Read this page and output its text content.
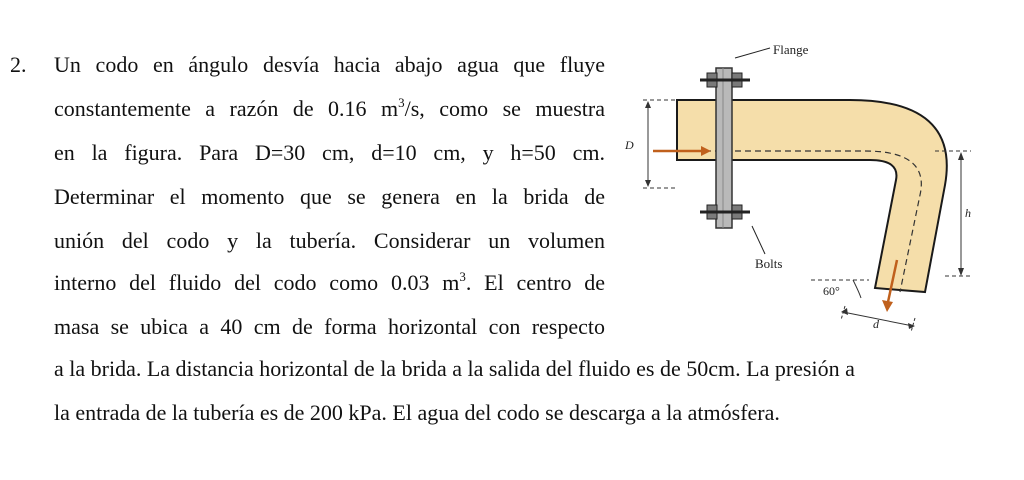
2. Un codo en ángulo desvía hacia abajo agua que fluye
constantemente a razón de 0.16 $m^3/s$, como se muestra
en la figura. Para D=30 cm, d=10 cm, y h=50 cm.
Determinar el momento que se genera en la brida de
unión del codo y la tubería. Considerar un volumen
interno del fluido del codo como 0.03 $m^3$. El centro de
masa se ubica a 40 cm de forma horizontal con respecto
a la brida. La distancia horizontal de la brida a la salida del fluido es de 50cm. La presión a
la entrada de la tubería es de 200 kPa. El agua del codo se descarga a la atmósfera.
D
Flange
Bolts
h
60°
d
